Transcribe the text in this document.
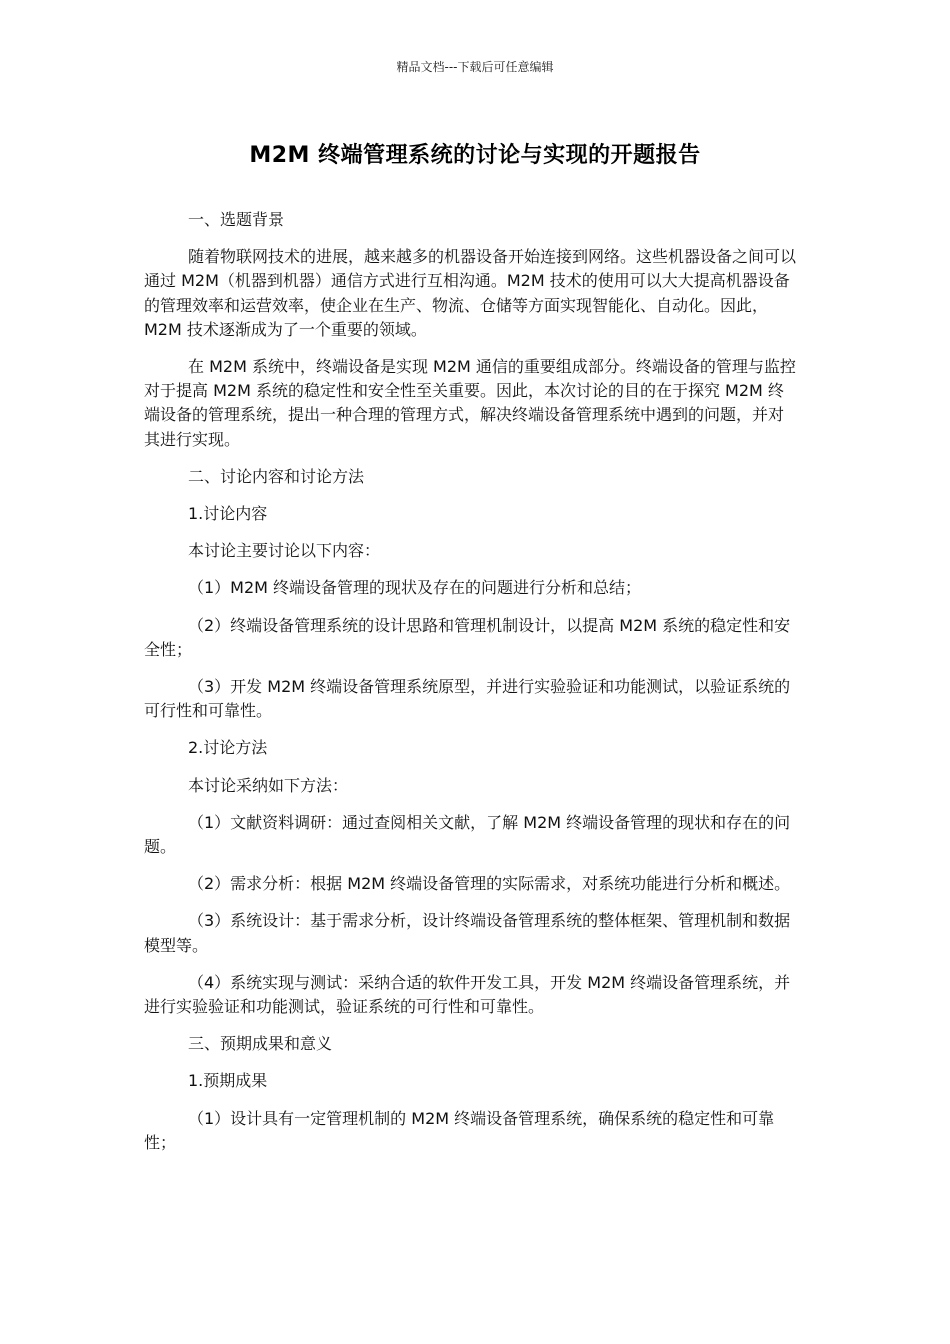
精品文档---下载后可任意编辑
M2M 终端管理系统的讨论与实现的开题报告

一、选题背景

随着物联网技术的进展，越来越多的机器设备开始连接到网络。这些机器设备之间可以通过 M2M（机器到机器）通信方式进行互相沟通。M2M 技术的使用可以大大提高机器设备的管理效率和运营效率，使企业在生产、物流、仓储等方面实现智能化、自动化。因此，M2M 技术逐渐成为了一个重要的领域。

在 M2M 系统中，终端设备是实现 M2M 通信的重要组成部分。终端设备的管理与监控对于提高 M2M 系统的稳定性和安全性至关重要。因此，本次讨论的目的在于探究 M2M 终端设备的管理系统，提出一种合理的管理方式，解决终端设备管理系统中遇到的问题，并对其进行实现。

二、讨论内容和讨论方法

1.讨论内容

本讨论主要讨论以下内容：

（1）M2M 终端设备管理的现状及存在的问题进行分析和总结；

（2）终端设备管理系统的设计思路和管理机制设计，以提高 M2M 系统的稳定性和安全性；

（3）开发 M2M 终端设备管理系统原型，并进行实验验证和功能测试，以验证系统的可行性和可靠性。

2.讨论方法

本讨论采纳如下方法：

（1）文献资料调研：通过查阅相关文献，了解 M2M 终端设备管理的现状和存在的问题。

（2）需求分析：根据 M2M 终端设备管理的实际需求，对系统功能进行分析和概述。

（3）系统设计：基于需求分析，设计终端设备管理系统的整体框架、管理机制和数据模型等。

（4）系统实现与测试：采纳合适的软件开发工具，开发 M2M 终端设备管理系统，并进行实验验证和功能测试，验证系统的可行性和可靠性。

三、预期成果和意义

1.预期成果

（1）设计具有一定管理机制的 M2M 终端设备管理系统，确保系统的稳定性和可靠性；
